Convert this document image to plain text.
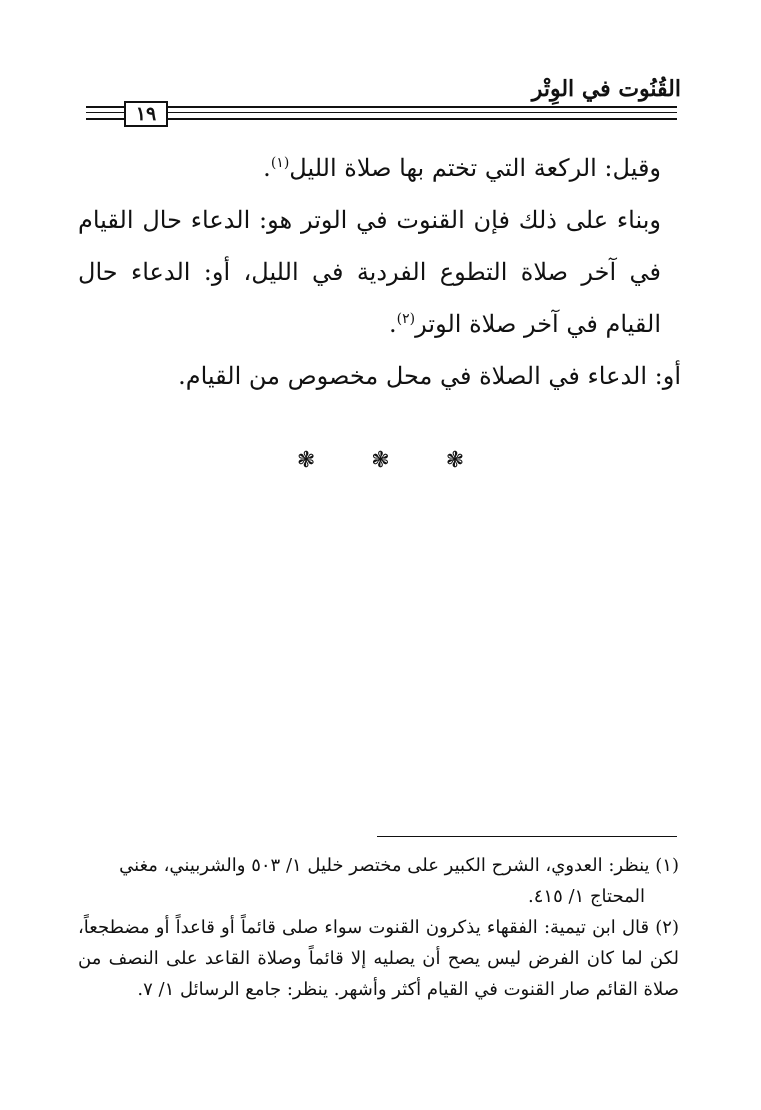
القُنُوت في الوِتْر
١٩

وقيل: الركعة التي تختم بها صلاة الليل$^{(١)}$.

وبناء على ذلك فإن القنوت في الوتر هو: الدعاء حال القيام في آخر صلاة التطوع الفردية في الليل، أو: الدعاء حال القيام في آخر صلاة الوتر$^{(٢)}$.

أو: الدعاء في الصلاة في محل مخصوص من القيام.

❃	❃	❃

(١) ينظر: العدوي، الشرح الكبير على مختصر خليل ١/ ٥٠٣ والشربيني، مغني

المحتاج ١/ ٤١٥.

(٢) قال ابن تيمية: الفقهاء يذكرون القنوت سواء صلى قائماً أو قاعداً أو مضطجعاً، لكن لما كان الفرض ليس يصح أن يصليه إلا قائماً وصلاة القاعد على النصف من صلاة القائم صار القنوت في القيام أكثر وأشهر. ينظر: جامع الرسائل ١/ ٧.
